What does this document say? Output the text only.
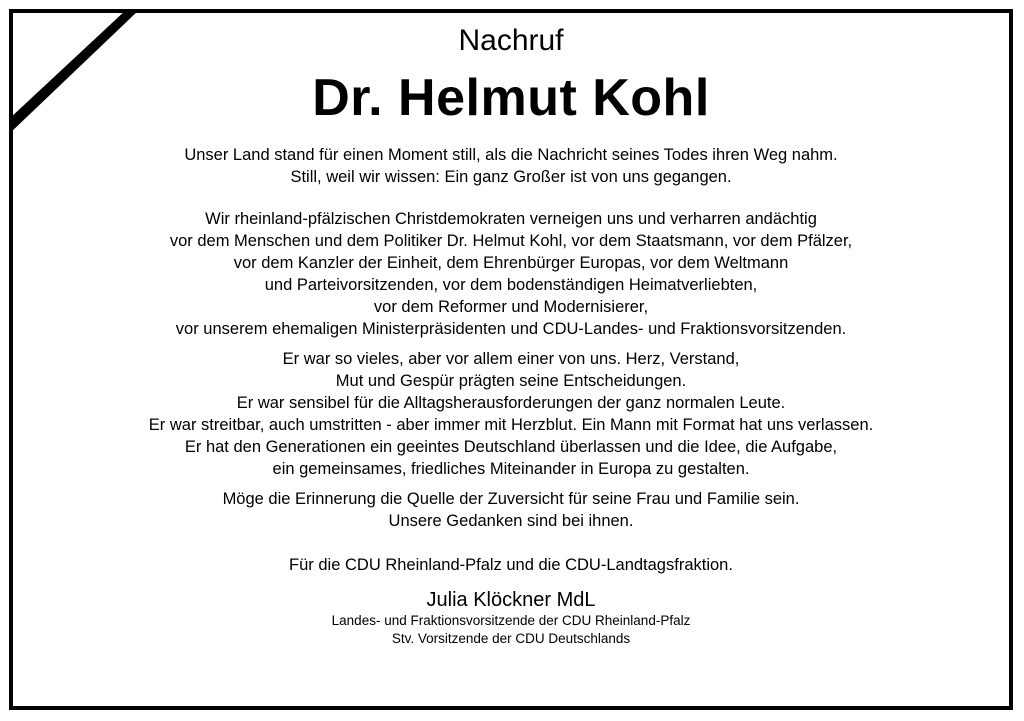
Nachruf
Dr. Helmut Kohl
Unser Land stand für einen Moment still, als die Nachricht seines Todes ihren Weg nahm.
Still, weil wir wissen: Ein ganz Großer ist von uns gegangen.
Wir rheinland-pfälzischen Christdemokraten verneigen uns und verharren andächtig
vor dem Menschen und dem Politiker Dr. Helmut Kohl, vor dem Staatsmann, vor dem Pfälzer,
vor dem Kanzler der Einheit, dem Ehrenbürger Europas, vor dem Weltmann
und Parteivorsitzenden, vor dem bodenständigen Heimatverliebten,
vor dem Reformer und Modernisierer,
vor unserem ehemaligen Ministerpräsidenten und CDU-Landes- und Fraktionsvorsitzenden.
Er war so vieles, aber vor allem einer von uns. Herz, Verstand,
Mut und Gespür prägten seine Entscheidungen.
Er war sensibel für die Alltagsherausforderungen der ganz normalen Leute.
Er war streitbar, auch umstritten - aber immer mit Herzblut. Ein Mann mit Format hat uns verlassen.
Er hat den Generationen ein geeintes Deutschland überlassen und die Idee, die Aufgabe,
ein gemeinsames, friedliches Miteinander in Europa zu gestalten.
Möge die Erinnerung die Quelle der Zuversicht für seine Frau und Familie sein.
Unsere Gedanken sind bei ihnen.
Für die CDU Rheinland-Pfalz und die CDU-Landtagsfraktion.
Julia Klöckner MdL
Landes- und Fraktionsvorsitzende der CDU Rheinland-Pfalz
Stv. Vorsitzende der CDU Deutschlands
